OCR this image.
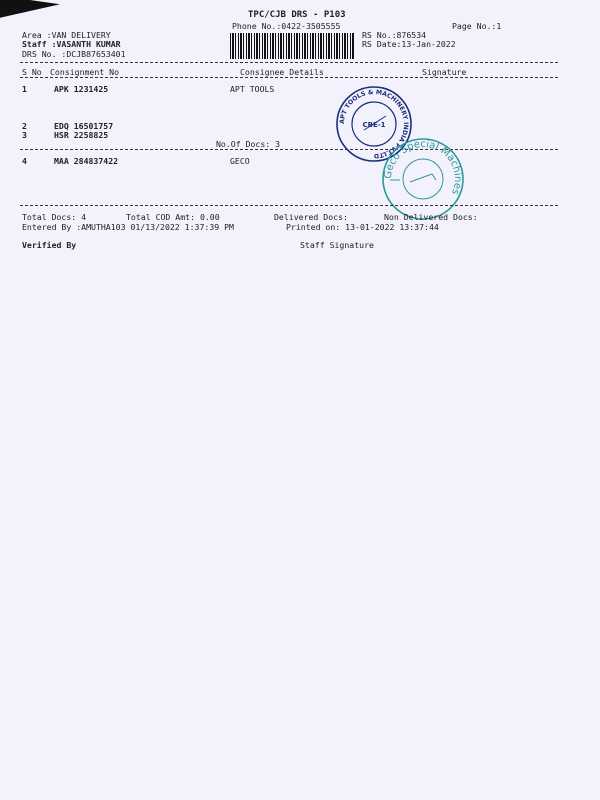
TPC/CJB DRS - P103
Phone No.:0422-3505555	Page No.:1
Area :VAN DELIVERY
Staff :VASANTH KUMAR
DRS No. :DCJB87653401
RS No.:876534
RS Date:13-Jan-2022
S No Consignment No	Consignee Details	Signature
1	APK 1231425	APT TOOLS
2	EDQ 16501757
3	HSR 2258825
No.Of Docs: 3
4	MAA 284837422	GECO
APT TOOLS & MACHINERY INDIA PVT.LTD
CBE-1
Geco Special Machines
Total Docs: 4	Total COD Amt: 0.00	Delivered Docs:	Non Delivered Docs:
Entered By :AMUTHA103 01/13/2022 1:37:39 PM	Printed on: 13-01-2022 13:37:44
Verified By	Staff Signature
